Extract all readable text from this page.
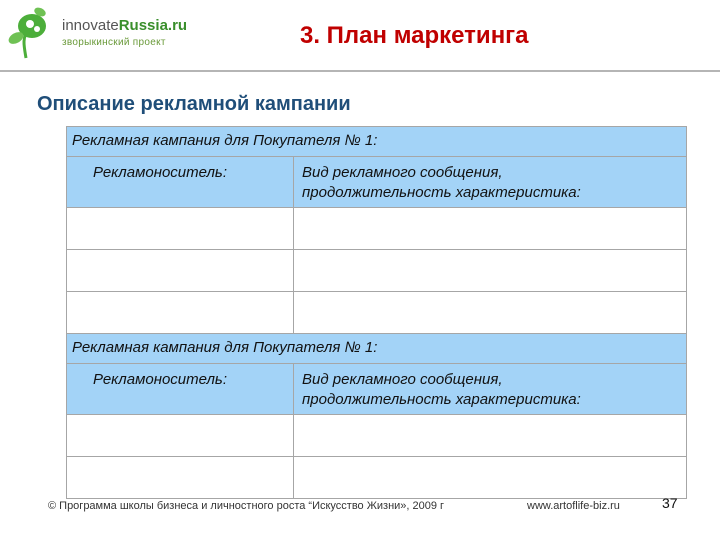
innovateRussia.ru
зворыкинский проект	3. План маркетинга
Описание рекламной кампании
Рекламная кампания для Покупателя № 1:	
Рекламоноситель:	Вид рекламного сообщения,
продолжительность характеристика:

Рекламная кампания для Покупателя № 1:	
Рекламоноситель:	Вид рекламного сообщения,
продолжительность характеристика:

© Программа школы бизнеса и личностного роста “Искусство Жизни», 2009 г	www.artoflife-biz.ru	37
